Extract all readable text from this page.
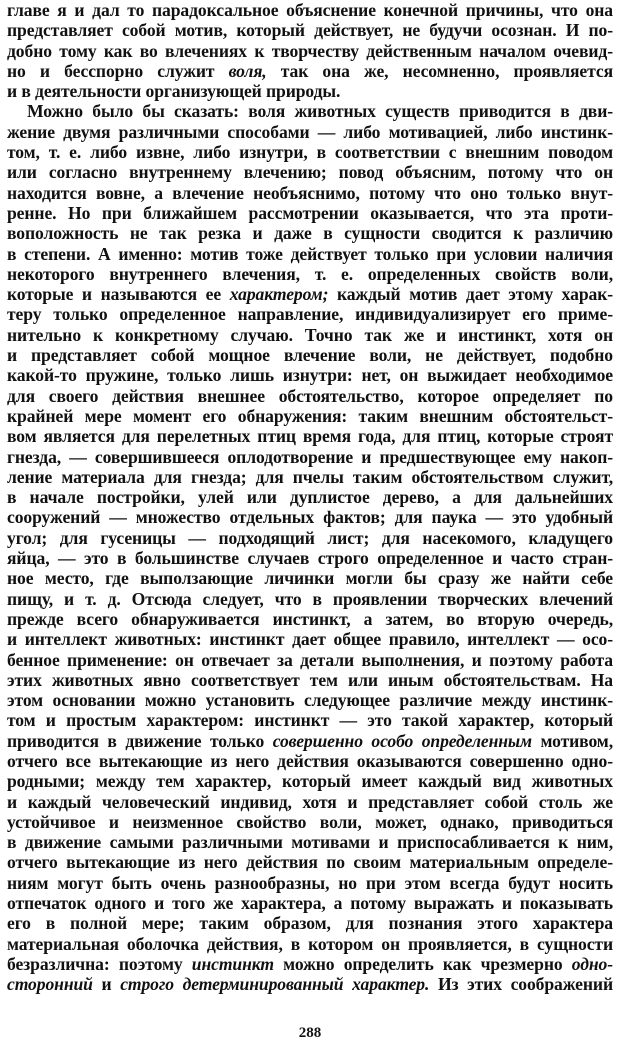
главе я и дал то парадоксальное объяснение конечной причины, что она
представляет собой мотив, который действует, не будучи осознан. И по-
добно тому как во влечениях к творчеству действенным началом очевид-
но и бесспорно служит воля, так она же, несомненно, проявляется
и в деятельности организующей природы.
Можно было бы сказать: воля животных существ приводится в дви-
жение двумя различными способами — либо мотивацией, либо инстинк-
том, т. е. либо извне, либо изнутри, в соответствии с внешним поводом
или согласно внутреннему влечению; повод объясним, потому что он
находится вовне, а влечение необъяснимо, потому что оно только внут-
ренне. Но при ближайшем рассмотрении оказывается, что эта проти-
воположность не так резка и даже в сущности сводится к различию
в степени. А именно: мотив тоже действует только при условии наличия
некоторого внутреннего влечения, т. е. определенных свойств воли,
которые и называются ее характером; каждый мотив дает этому харак-
теру только определенное направление, индивидуализирует его приме-
нительно к конкретному случаю. Точно так же и инстинкт, хотя он
и представляет собой мощное влечение воли, не действует, подобно
какой-то пружине, только лишь изнутри: нет, он выжидает необходимое
для своего действия внешнее обстоятельство, которое определяет по
крайней мере момент его обнаружения: таким внешним обстоятельст-
вом является для перелетных птиц время года, для птиц, которые строят
гнезда, — совершившееся оплодотворение и предшествующее ему накоп-
ление материала для гнезда; для пчелы таким обстоятельством служит,
в начале постройки, улей или дуплистое дерево, а для дальнейших
сооружений — множество отдельных фактов; для паука — это удобный
угол; для гусеницы — подходящий лист; для насекомого, кладущего
яйца, — это в большинстве случаев строго определенное и часто стран-
ное место, где выползающие личинки могли бы сразу же найти себе
пищу, и т. д. Отсюда следует, что в проявлении творческих влечений
прежде всего обнаруживается инстинкт, а затем, во вторую очередь,
и интеллект животных: инстинкт дает общее правило, интеллект — осо-
бенное применение: он отвечает за детали выполнения, и поэтому работа
этих животных явно соответствует тем или иным обстоятельствам. На
этом основании можно установить следующее различие между инстинк-
том и простым характером: инстинкт — это такой характер, который
приводится в движение только совершенно особо определенным мотивом,
отчего все вытекающие из него действия оказываются совершенно одно-
родными; между тем характер, который имеет каждый вид животных
и каждый человеческий индивид, хотя и представляет собой столь же
устойчивое и неизменное свойство воли, может, однако, приводиться
в движение самыми различными мотивами и приспосабливается к ним,
отчего вытекающие из него действия по своим материальным определе-
ниям могут быть очень разнообразны, но при этом всегда будут носить
отпечаток одного и того же характера, а потому выражать и показывать
его в полной мере; таким образом, для познания этого характера
материальная оболочка действия, в котором он проявляется, в сущности
безразлична: поэтому инстинкт можно определить как чрезмерно одно-
сторонний и строго детерминированный характер. Из этих соображений
288
